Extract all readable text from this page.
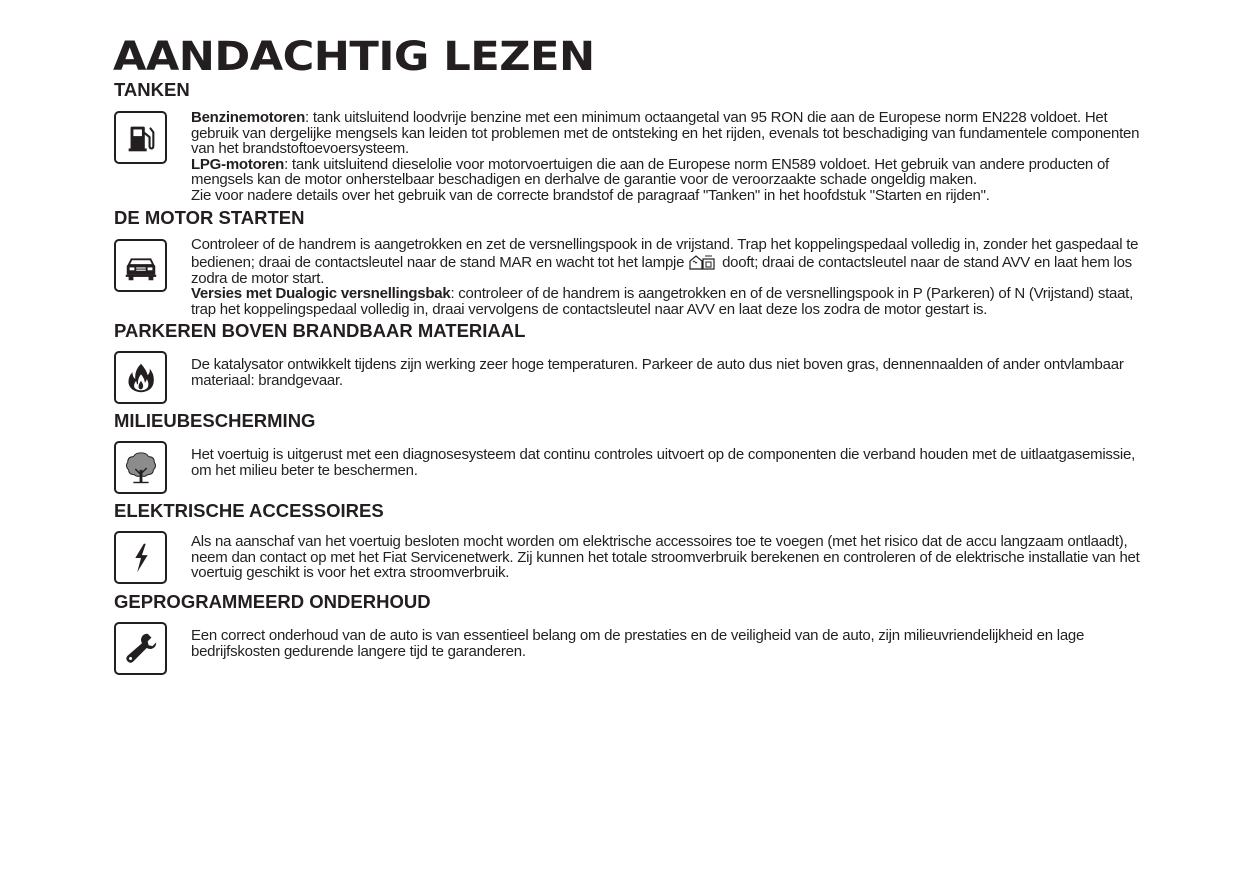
AANDACHTIG LEZEN
TANKEN

Benzinemotoren: tank uitsluitend loodvrije benzine met een minimum octaangetal van 95 RON die aan de Europese norm EN228 voldoet. Het gebruik van dergelijke mengsels kan leiden tot problemen met de ontsteking en het rijden, evenals tot beschadiging van fundamentele componenten van het brandstoftoevoersysteem.

LPG-motoren: tank uitsluitend dieselolie voor motorvoertuigen die aan de Europese norm EN589 voldoet. Het gebruik van andere producten of mengsels kan de motor onherstelbaar beschadigen en derhalve de garantie voor de veroorzaakte schade ongeldig maken.

Zie voor nadere details over het gebruik van de correcte brandstof de paragraaf "Tanken" in het hoofdstuk "Starten en rijden".

DE MOTOR STARTEN

Controleer of de handrem is aangetrokken en zet de versnellingspook in de vrijstand. Trap het koppelingspedaal volledig in, zonder het gaspedaal te bedienen; draai de contactsleutel naar de stand MAR en wacht tot het lampje	dooft; draai de contactsleutel naar de stand AVV en laat hem los zodra de motor start.

Versies met Dualogic versnellingsbak: controleer of de handrem is aangetrokken en of de versnellingspook in P (Parkeren) of N (Vrijstand) staat, trap het koppelingspedaal volledig in, draai vervolgens de contactsleutel naar AVV en laat deze los zodra de motor gestart is.

PARKEREN BOVEN BRANDBAAR MATERIAAL

De katalysator ontwikkelt tijdens zijn werking zeer hoge temperaturen. Parkeer de auto dus niet boven gras, dennennaalden of ander ontvlambaar materiaal: brandgevaar.

MILIEUBESCHERMING

Het voertuig is uitgerust met een diagnosesysteem dat continu controles uitvoert op de componenten die verband houden met de uitlaatgasemissie, om het milieu beter te beschermen.

ELEKTRISCHE ACCESSOIRES

Als na aanschaf van het voertuig besloten mocht worden om elektrische accessoires toe te voegen (met het risico dat de accu langzaam ontlaadt), neem dan contact op met het Fiat Servicenetwerk. Zij kunnen het totale stroomverbruik berekenen en controleren of de elektrische installatie van het voertuig geschikt is voor het extra stroomverbruik.

GEPROGRAMMEERD ONDERHOUD

Een correct onderhoud van de auto is van essentieel belang om de prestaties en de veiligheid van de auto, zijn milieuvriendelijkheid en lage bedrijfskosten gedurende langere tijd te garanderen.
